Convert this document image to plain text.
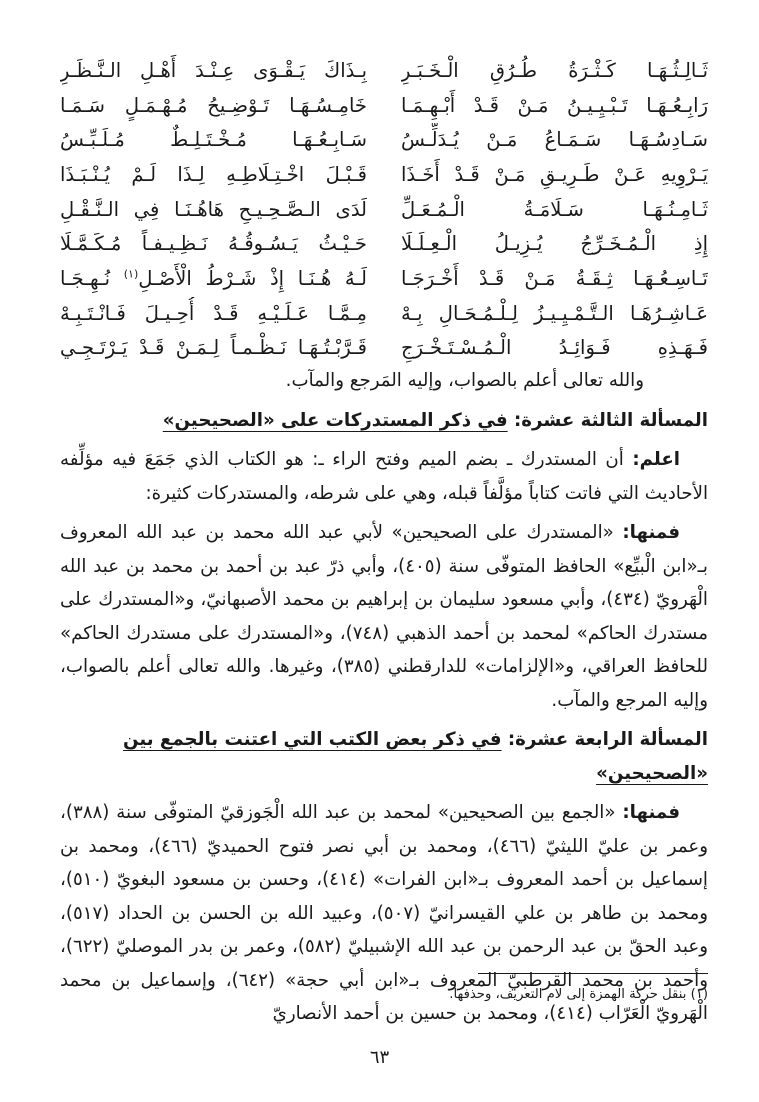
ثَـالِـثُـهَـا كَـثْـرَةُ طُـرُقِ الْـخَـبَـرِ
بِـذَاكَ يَـقْـوَى عِـنْـدَ أَهْـلِ الـنَّـظَـرِ
رَابِـعُـهَـا تَـبْـيِـيـنُ مَـنْ قَـدْ أَبْـهِـمَـا
خَامِـسُـهَـا تَـوْضِـيحُ مُـهْـمَـلٍ سَـمَـا
سَـادِسُـهَـا سَـمَـاعُ مَـنْ يُـدَلِّـسُ
سَـابِـعُـهَـا مُـخْـتَـلِـطٌ مُـلَـبِّـسُ
يَـرْوِيهِ عَـنْ طَـرِيـقِ مَـنْ قَـدْ أَخَـذَا
قَـبْـلَ اخْـتِـلَاطِـهِ لِـذَا لَـمْ يُـنْـبَـذَا
ثَـامِـنُـهَـا سَـلَامَـةُ الْـمُـعَـلِّ
لَدَى الـصَّـحِـيـحِ هَاهُـنَـا فِي الـنَّـقْـلِ
إِذِ الْـمُـخَـرِّجُ يُـزِيـلُ الْـعِـلَـلَا
حَـيْـثُ يَـسُـوقُـهُ نَـظِـيـفـاً مُـكَـمَّـلَا
تَـاسِـعُـهَـا ثِـقَـةُ مَـنْ قَـدْ أَخْـرَجَـا
لَـهُ هُـنَـا إِذْ شَـرْطُ الْأَصْـلِ$^{(١)}$ نُـهِـجَـا
عَـاشِـرُهَـا الـتَّـمْـيِـيـزُ لِـلْـمُـحَـالِ بِـهْ
مِـمَّـا عَـلَـيْـهِ قَـدْ أُحِـيـلَ فَـانْـتَـبِـهْ
فَـهَـذِهِ فَـوَائِـدُ الْـمُـسْـتَـخْـرَجِ
قَـرَّبْـتُـهَـا نَـظْـمـاً لِـمَـنْ قَـدْ يَـرْتَـجِـي

والله تعالى أعلم بالصواب، وإليه المَرجع والمآب.

المسألة الثالثة عشرة: في ذكر المستدركات على «الصحيحين»

اعلم: أن المستدرك ـ بضم الميم وفتح الراء ـ: هو الكتاب الذي جَمَعَ فيه مؤلِّفه الأحاديث التي فاتت كتاباً مؤلَّفاً قبله، وهي على شرطه، والمستدركات كثيرة:

فمنها: «المستدرك على الصحيحين» لأبي عبد الله محمد بن عبد الله المعروف بـ«ابن الْبيِّع» الحافظ المتوفّى سنة (٤٠٥)، وأبي ذرّ عبد بن أحمد بن محمد بن عبد الله الْهَرويّ (٤٣٤)، وأبي مسعود سليمان بن إبراهيم بن محمد الأصبهانيّ، و«المستدرك على مستدرك الحاكم» لمحمد بن أحمد الذهبي (٧٤٨)، و«المستدرك على مستدرك الحاكم» للحافظ العراقي، و«الإلزامات» للدارقطني (٣٨٥)، وغيرها. والله تعالى أعلم بالصواب، وإليه المرجع والمآب.

المسألة الرابعة عشرة: في ذكر بعض الكتب التي اعتنت بالجمع بين «الصحيحين»

فمنها: «الجمع بين الصحيحين» لمحمد بن عبد الله الْجَوزقيّ المتوفّى سنة (٣٨٨)، وعمر بن عليّ الليثيّ (٤٦٦)، ومحمد بن أبي نصر فتوح الحميديّ (٤٦٦)، ومحمد بن إسماعيل بن أحمد المعروف بـ«ابن الفرات» (٤١٤)، وحسن بن مسعود البغويّ (٥١٠)، ومحمد بن طاهر بن علي القيسرانيّ (٥٠٧)، وعبيد الله بن الحسن بن الحداد (٥١٧)، وعبد الحقّ بن عبد الرحمن بن عبد الله الإشبيليّ (٥٨٢)، وعمر بن بدر الموصليّ (٦٢٢)، وأحمد بن محمد القرطبيّ المعروف بـ«ابن أبي حجة» (٦٤٢)، وإسماعيل بن محمد الْهَرويّ الْعَرّاب (٤١٤)، ومحمد بن حسين بن أحمد الأنصاريّ

(١) بنقل حركة الهمزة إلى لام التعريف، وحذفها.
٦٣
